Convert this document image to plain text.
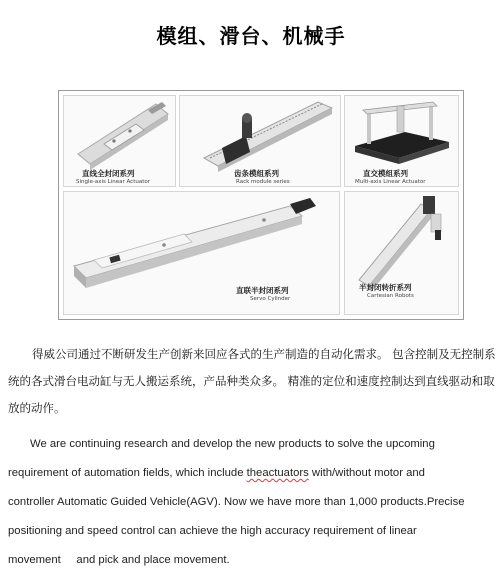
模组、滑台、机械手
直线全封闭系列
Single-axis Linear Actuator
齿条模组系列
Rack module series
直交模组系列
Multi-axis Linear Actuator
直联半封闭系列
Servo Cylinder
半封闭转折系列
Cartesian Robots
得威公司通过不断研发生产创新来回应各式的生产制造的自动化需求。 包含控制及无控制系统的各式滑台电动缸与无人搬运系统，产品种类众多。 精准的定位和速度控制达到直线驱动和取放的动作。
We are continuing research and develop the new products to solve the upcoming
requirement of automation fields, which include theactuators with/without motor and
controller Automatic Guided Vehicle(AGV). Now we have more than 1,000 products.Precise
positioning and speed control can achieve the high accuracy requirement of linear
movement     and pick and place movement.
